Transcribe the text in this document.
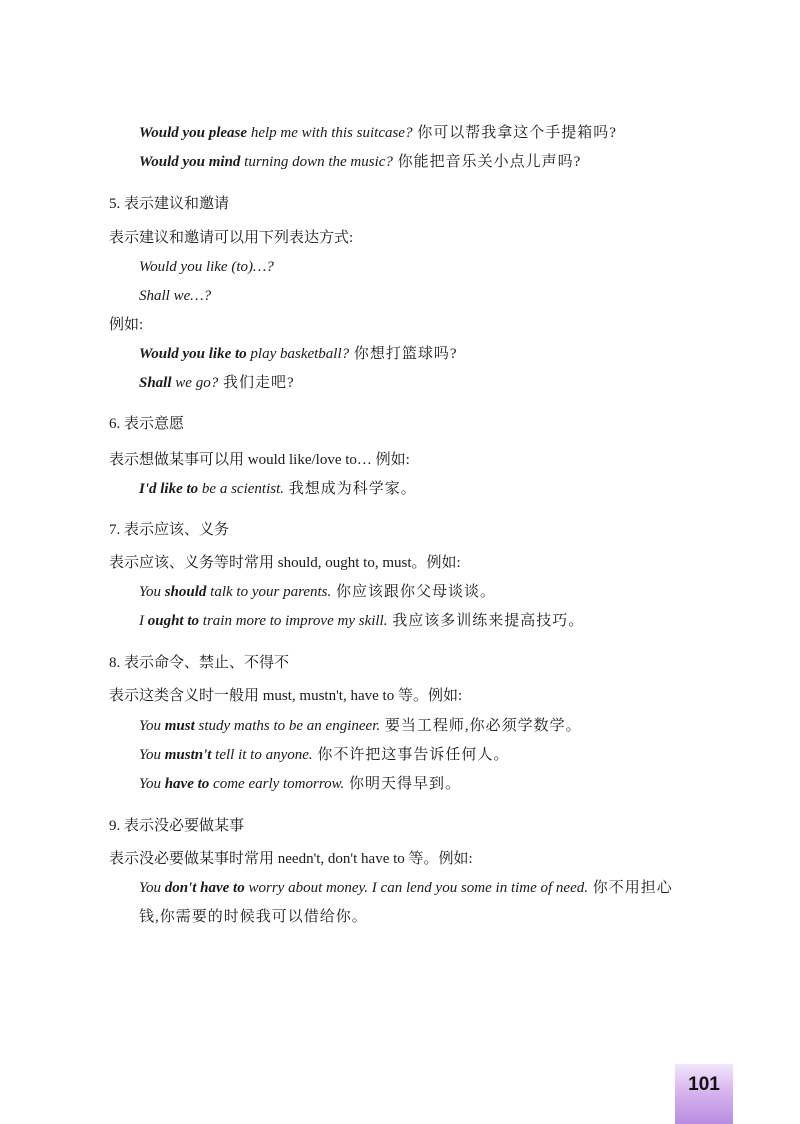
Would you please help me with this suitcase? 你可以帮我拿这个手提箱吗?
Would you mind turning down the music? 你能把音乐关小点儿声吗?
5. 表示建议和邀请
表示建议和邀请可以用下列表达方式:
Would you like (to)…?
Shall we…?
例如:
Would you like to play basketball? 你想打篮球吗?
Shall we go? 我们走吧?
6. 表示意愿
表示想做某事可以用 would like/love to… 例如:
I'd like to be a scientist. 我想成为科学家。
7. 表示应该、义务
表示应该、义务等时常用 should, ought to, must。例如:
You should talk to your parents. 你应该跟你父母谈谈。
I ought to train more to improve my skill. 我应该多训练来提高技巧。
8. 表示命令、禁止、不得不
表示这类含义时一般用 must, mustn't, have to 等。例如:
You must study maths to be an engineer. 要当工程师,你必须学数学。
You mustn't tell it to anyone. 你不许把这事告诉任何人。
You have to come early tomorrow. 你明天得早到。
9. 表示没必要做某事
表示没必要做某事时常用 needn't, don't have to 等。例如:
You don't have to worry about money. I can lend you some in time of need. 你不用担心
钱,你需要的时候我可以借给你。
101
